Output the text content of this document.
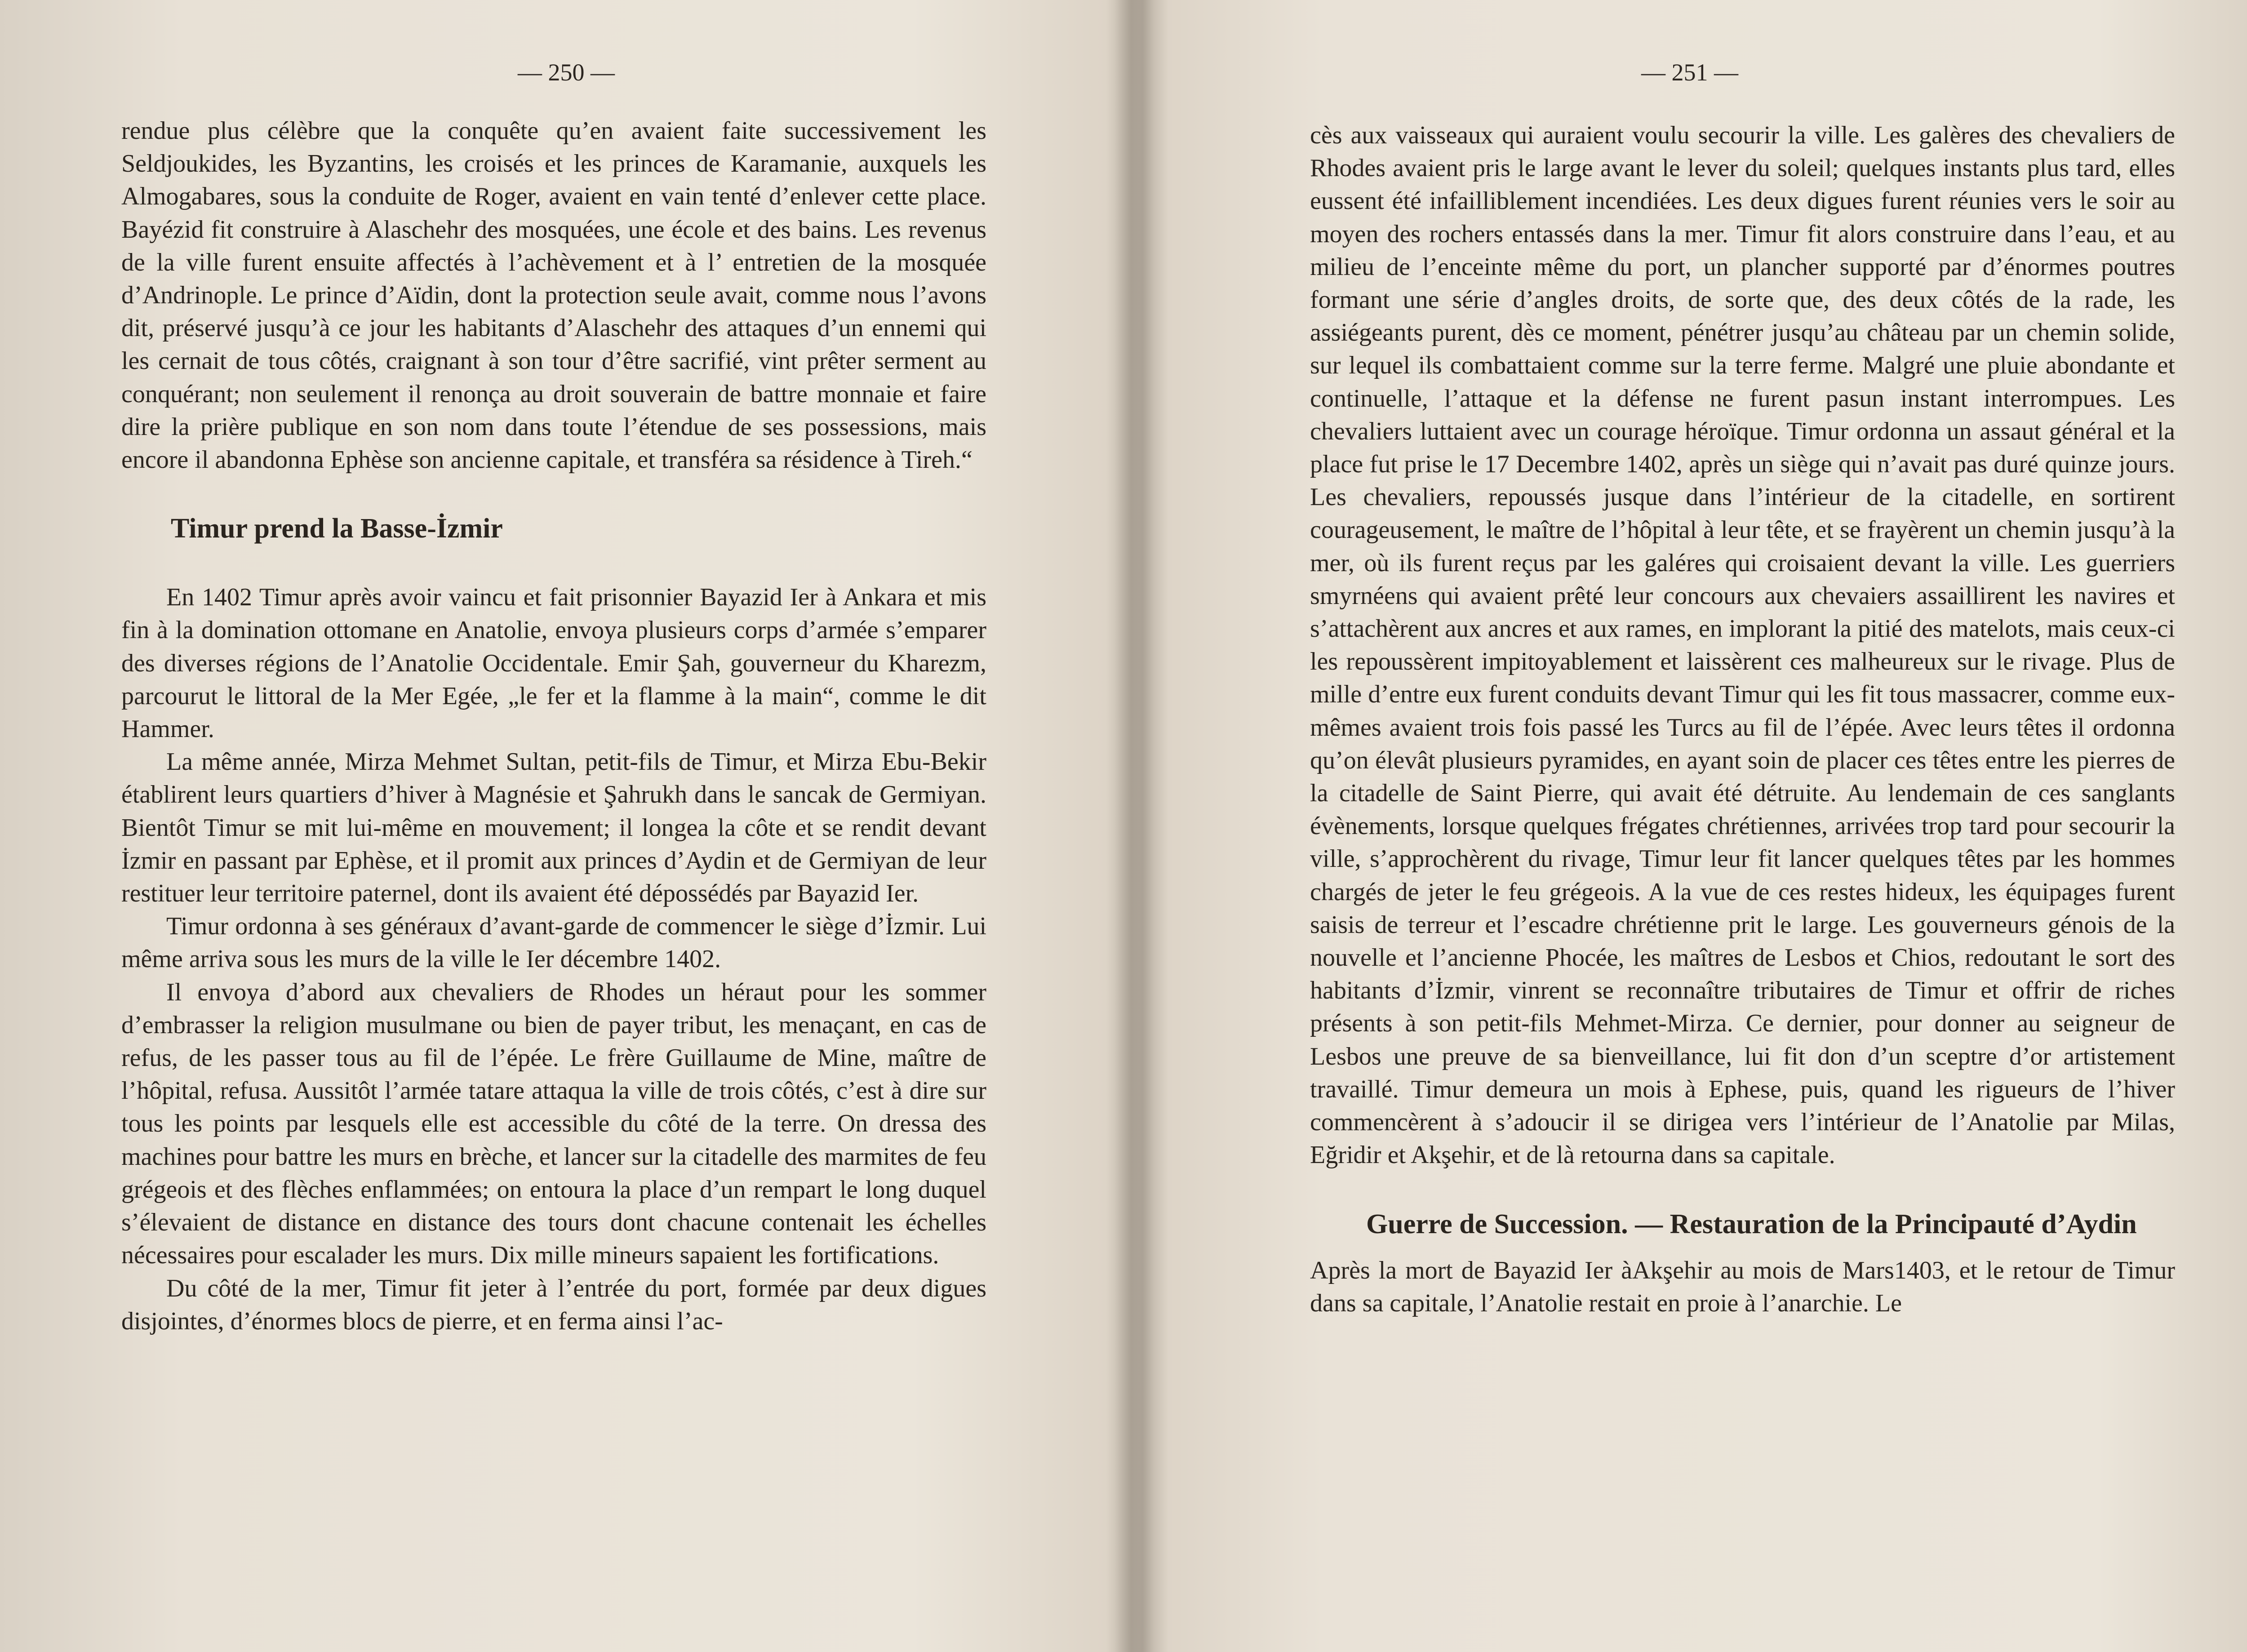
— 250 —

rendue plus célèbre que la conquête qu’en avaient faite successivement les Seldjoukides, les Byzantins, les croisés et les princes de Karamanie, auxquels les Almogabares, sous la conduite de Roger, avaient en vain tenté d’enlever cette place. Bayézid fit construire à Alaschehr des mosquées, une école et des bains. Les revenus de la ville furent ensuite affectés à l’achèvement et à l’ entretien de la mosquée d’Andrinople. Le prince d’Aïdin, dont la protection seule avait, comme nous l’avons dit, préservé jusqu’à ce jour les habitants d’Alaschehr des attaques d’un ennemi qui les cernait de tous côtés, craignant à son tour d’être sacrifié, vint prêter serment au conquérant; non seulement il renonça au droit souverain de battre monnaie et faire dire la prière publique en son nom dans toute l’étendue de ses possessions, mais encore il abandonna Ephèse son ancienne capitale, et transféra sa résidence à Tireh.“

Timur prend la Basse-İzmir

En 1402 Timur après avoir vaincu et fait prisonnier Bayazid Ier à Ankara et mis fin à la domination ottomane en Anatolie, envoya plusieurs corps d’armée s’emparer des diverses régions de l’Anatolie Occidentale. Emir Şah, gouverneur du Kharezm, parcourut le littoral de la Mer Egée, „le fer et la flamme à la main“, comme le dit Hammer.

La même année, Mirza Mehmet Sultan, petit-fils de Timur, et Mirza Ebu-Bekir établirent leurs quartiers d’hiver à Magnésie et Şahrukh dans le sancak de Germiyan. Bientôt Timur se mit lui-même en mouvement; il longea la côte et se rendit devant İzmir en passant par Ephèse, et il promit aux princes d’Aydin et de Germiyan de leur restituer leur territoire paternel, dont ils avaient été dépossédés par Bayazid Ier.

Timur ordonna à ses généraux d’avant-garde de commencer le siège d’İzmir. Lui même arriva sous les murs de la ville le Ier décembre 1402.

Il envoya d’abord aux chevaliers de Rhodes un héraut pour les sommer d’embrasser la religion musulmane ou bien de payer tribut, les menaçant, en cas de refus, de les passer tous au fil de l’épée. Le frère Guillaume de Mine, maître de l’hôpital, refusa. Aussitôt l’armée tatare attaqua la ville de trois côtés, c’est à dire sur tous les points par lesquels elle est accessible du côté de la terre. On dressa des machines pour battre les murs en brèche, et lancer sur la citadelle des marmites de feu grégeois et des flèches enflammées; on entoura la place d’un rempart le long duquel s’élevaient de distance en distance des tours dont chacune contenait les échelles nécessaires pour escalader les murs. Dix mille mineurs sapaient les fortifications.

Du côté de la mer, Timur fit jeter à l’entrée du port, formée par deux digues disjointes, d’énormes blocs de pierre, et en ferma ainsi l’ac-

— 251 —

cès aux vaisseaux qui auraient voulu secourir la ville. Les galères des chevaliers de Rhodes avaient pris le large avant le lever du soleil; quelques instants plus tard, elles eussent été infailliblement incendiées. Les deux digues furent réunies vers le soir au moyen des rochers entassés dans la mer. Timur fit alors construire dans l’eau, et au milieu de l’enceinte même du port, un plancher supporté par d’énormes poutres formant une série d’angles droits, de sorte que, des deux côtés de la rade, les assiégeants purent, dès ce moment, pénétrer jusqu’au château par un chemin solide, sur lequel ils combattaient comme sur la terre ferme. Malgré une pluie abondante et continuelle, l’attaque et la défense ne furent pasun instant interrompues. Les chevaliers luttaient avec un courage héroïque. Timur ordonna un assaut général et la place fut prise le 17 Decembre 1402, après un siège qui n’avait pas duré quinze jours. Les chevaliers, repoussés jusque dans l’intérieur de la citadelle, en sortirent courageusement, le maître de l’hôpital à leur tête, et se frayèrent un chemin jusqu’à la mer, où ils furent reçus par les galéres qui croisaient devant la ville. Les guerriers smyrnéens qui avaient prêté leur concours aux chevaiers assaillirent les navires et s’attachèrent aux ancres et aux rames, en implorant la pitié des matelots, mais ceux-ci les repoussèrent impitoyablement et laissèrent ces malheureux sur le rivage. Plus de mille d’entre eux furent conduits devant Timur qui les fit tous massacrer, comme eux-mêmes avaient trois fois passé les Turcs au fil de l’épée. Avec leurs têtes il ordonna qu’on élevât plusieurs pyramides, en ayant soin de placer ces têtes entre les pierres de la citadelle de Saint Pierre, qui avait été détruite. Au lendemain de ces sanglants évènements, lorsque quelques frégates chrétiennes, arrivées trop tard pour secourir la ville, s’approchèrent du rivage, Timur leur fit lancer quelques têtes par les hommes chargés de jeter le feu grégeois. A la vue de ces restes hideux, les équipages furent saisis de terreur et l’escadre chrétienne prit le large. Les gouverneurs génois de la nouvelle et l’ancienne Phocée, les maîtres de Lesbos et Chios, redoutant le sort des habitants d’İzmir, vinrent se reconnaître tributaires de Timur et offrir de riches présents à son petit-fils Mehmet-Mirza. Ce dernier, pour donner au seigneur de Lesbos une preuve de sa bienveillance, lui fit don d’un sceptre d’or artistement travaillé. Timur demeura un mois à Ephese, puis, quand les rigueurs de l’hiver commencèrent à s’adoucir il se dirigea vers l’intérieur de l’Anatolie par Milas, Eğridir et Akşehir, et de là retourna dans sa capitale.

Guerre de Succession. — Restauration de la Principauté d’Aydin

Après la mort de Bayazid Ier àAkşehir au mois de Mars1403, et le retour de Timur dans sa capitale, l’Anatolie restait en proie à l’anarchie. Le
